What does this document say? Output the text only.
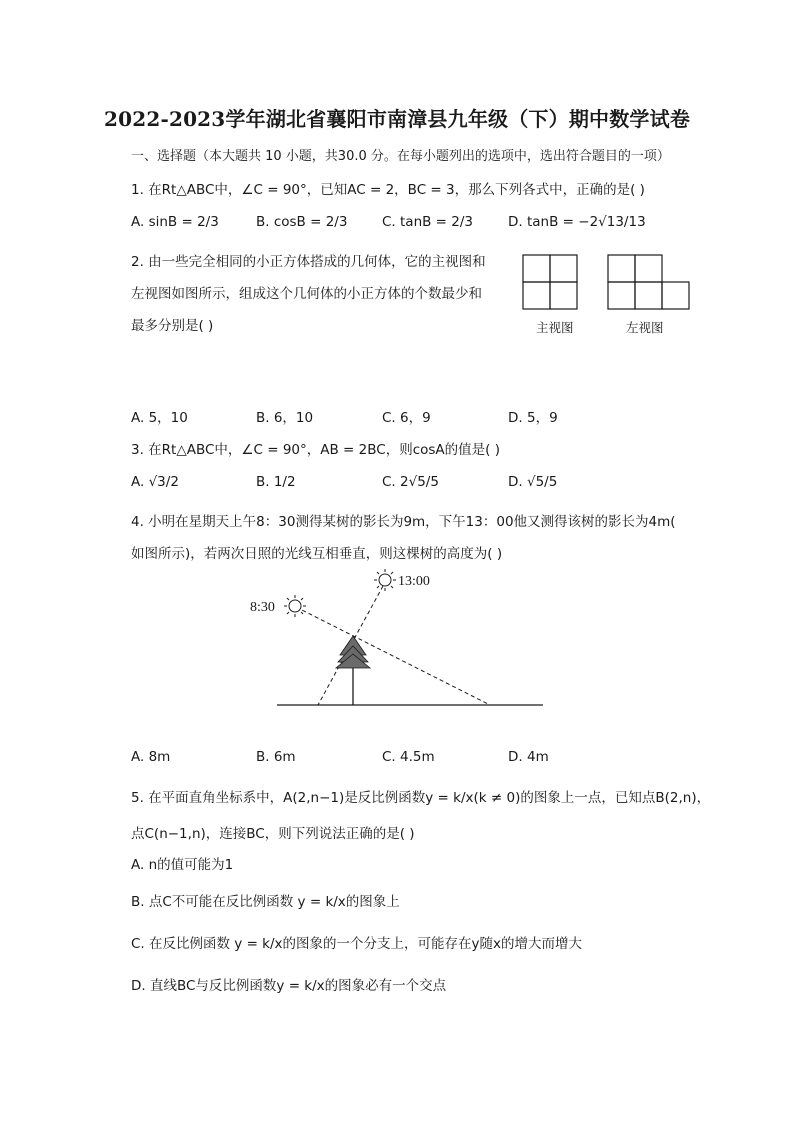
2022-2023学年湖北省襄阳市南漳县九年级（下）期中数学试卷
一、选择题（本大题共 10 小题，共30.0 分。在每小题列出的选项中，选出符合题目的一项）
1. 在Rt△ABC中，∠C = 90°，已知AC = 2，BC = 3，那么下列各式中，正确的是( )
A. sinB = 2/3	B. cosB = 2/3	C. tanB = 2/3	D. tanB = −2√13/13
2. 由一些完全相同的小正方体搭成的几何体，它的主视图和
左视图如图所示，组成这个几何体的小正方体的个数最少和
最多分别是( )	主视图	左视图
A. 5，10	B. 6，10	C. 6，9	D. 5，9
3. 在Rt△ABC中，∠C = 90°，AB = 2BC，则cosA的值是( )
A. √3/2	B. 1/2	C. 2√5/5	D. √5/5
4. 小明在星期天上午8：30测得某树的影长为9m，下午13：00他又测得该树的影长为4m(
如图所示)，若两次日照的光线互相垂直，则这棵树的高度为( )
8:30
13:00
A. 8m	B. 6m	C. 4.5m	D. 4m
5. 在平面直角坐标系中，A(2,n−1)是反比例函数y = k/x(k ≠ 0)的图象上一点，已知点B(2,n)，
点C(n−1,n)，连接BC，则下列说法正确的是( )
A. n的值可能为1
B. 点C不可能在反比例函数 y = k/x的图象上
C. 在反比例函数 y = k/x的图象的一个分支上，可能存在y随x的增大而增大
D. 直线BC与反比例函数y = k/x的图象必有一个交点
